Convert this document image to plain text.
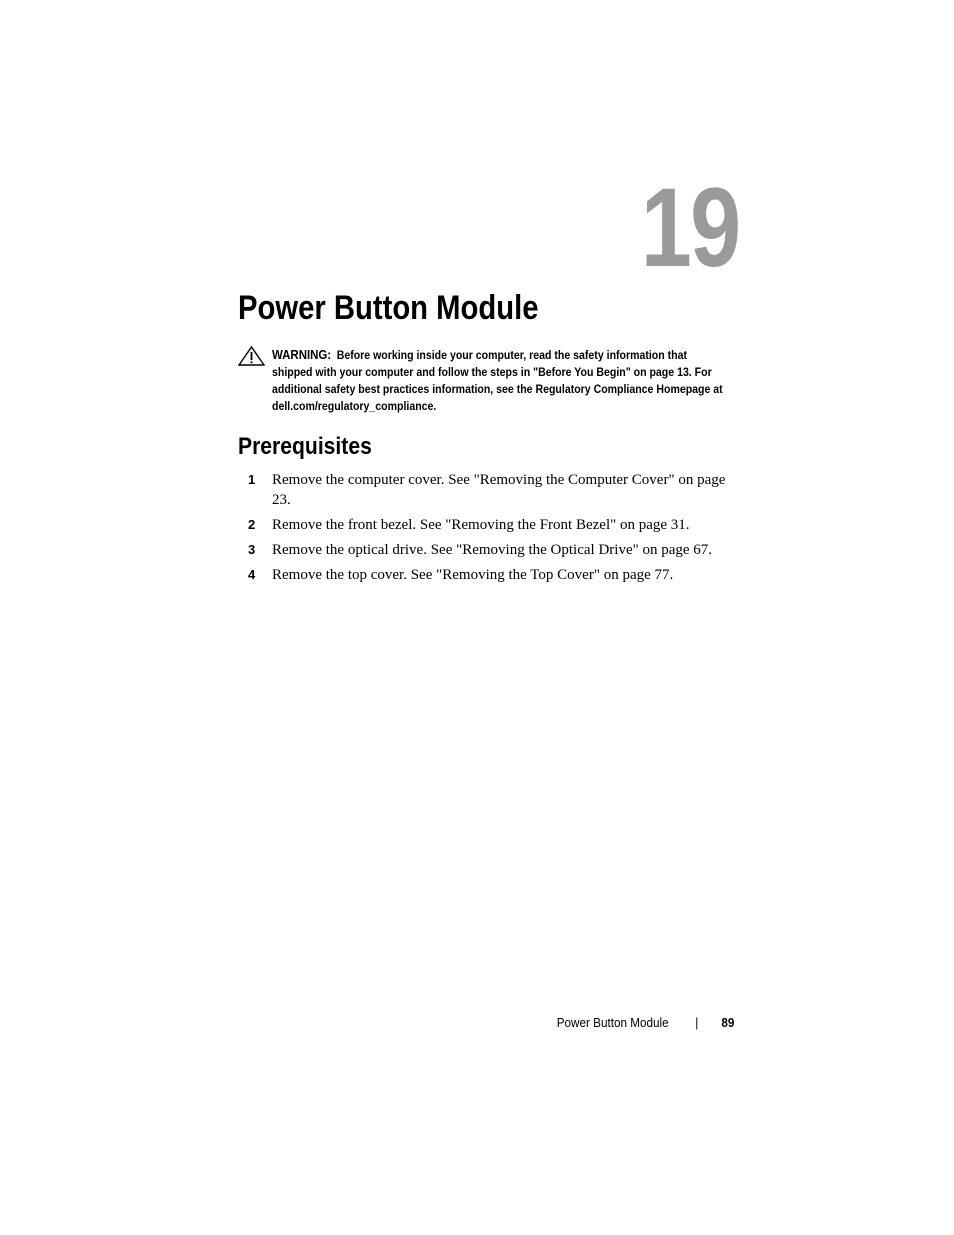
19
Power Button Module
WARNING: Before working inside your computer, read the safety information that shipped with your computer and follow the steps in "Before You Begin" on page 13. For additional safety best practices information, see the Regulatory Compliance Homepage at dell.com/regulatory_compliance.
Prerequisites
1 Remove the computer cover. See "Removing the Computer Cover" on page 23.
2 Remove the front bezel. See "Removing the Front Bezel" on page 31.
3 Remove the optical drive. See "Removing the Optical Drive" on page 67.
4 Remove the top cover. See "Removing the Top Cover" on page 77.
Power Button Module | 89
